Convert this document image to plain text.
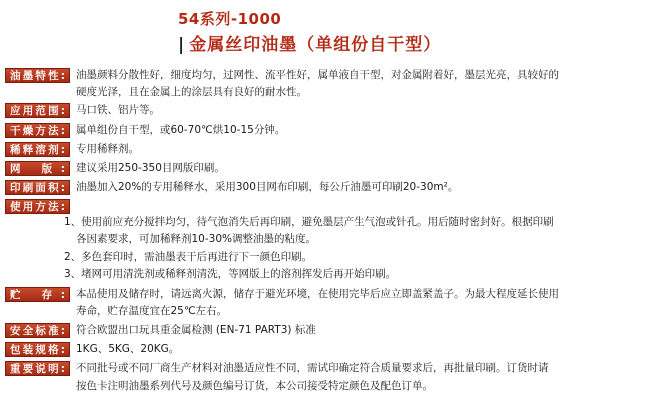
54系列-1000
| 金属丝印油墨（单组份自干型）
油墨特性:	油墨颜料分散性好，细度均匀，过网性、流平性好，属单液自干型，对金属附着好，墨层光亮，具较好的
硬度光泽，且在金属上的涂层具有良好的耐水性。
应用范围:	马口铁、铝片等。
干燥方法:	属单组份自干型，或60-70℃烘10-15分钟。
稀释溶剂:	专用稀释剂。
网 版:	建议采用250-350目网版印刷。
印刷面积:	油墨加入20%的专用稀释水，采用300目网布印刷，每公斤油墨可印刷20-30m²。
使用方法:
1、使用前应充分搅拌均匀，待气泡消失后再印刷，避免墨层产生气泡或针孔。用后随时密封好。根据印刷
各因素要求，可加稀释剂10-30%调整油墨的粘度。
2、多色套印时，需油墨表干后再进行下一颜色印刷。
3、堵网可用清洗剂或稀释剂清洗，等网版上的溶剂挥发后再开始印刷。
贮 存:	本品使用及储存时，请远离火源，储存于避光环境，在使用完毕后应立即盖紧盖子。为最大程度延长使用
寿命，贮存温度宜在25℃左右。
安全标准:	符合欧盟出口玩具重金属检测 (EN-71 PART3) 标准
包装规格:	1KG、5KG、20KG。
重要说明:	不同批号或不同厂商生产材料对油墨适应性不同，需试印确定符合质量要求后，再批量印刷。订货时请
按色卡注明油墨系列代号及颜色编号订货，本公司接受特定颜色及配色订单。
